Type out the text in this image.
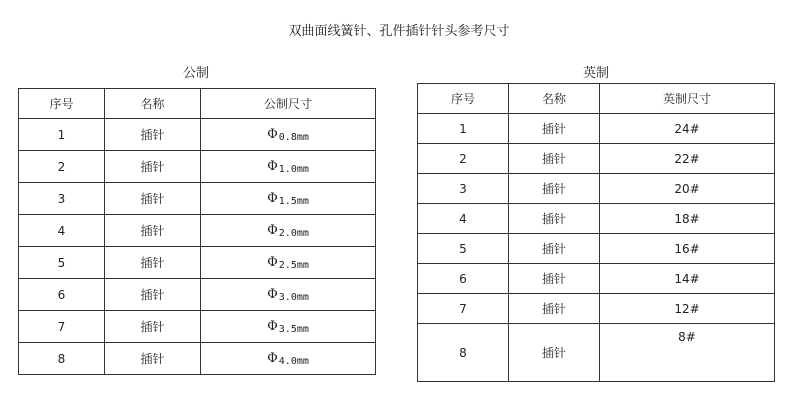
双曲面线簧针、孔件插针针头参考尺寸
公制
序号	名称	公制尺寸
1	插针	Φ0.8mm
2	插针	Φ1.0mm
3	插针	Φ1.5mm
4	插针	Φ2.0mm
5	插针	Φ2.5mm
6	插针	Φ3.0mm
7	插针	Φ3.5mm
8	插针	Φ4.0mm
英制
序号	名称	英制尺寸
1	插针	24#
2	插针	22#
3	插针	20#
4	插针	18#
5	插针	16#
6	插针	14#
7	插针	12#
8	插针	8#
